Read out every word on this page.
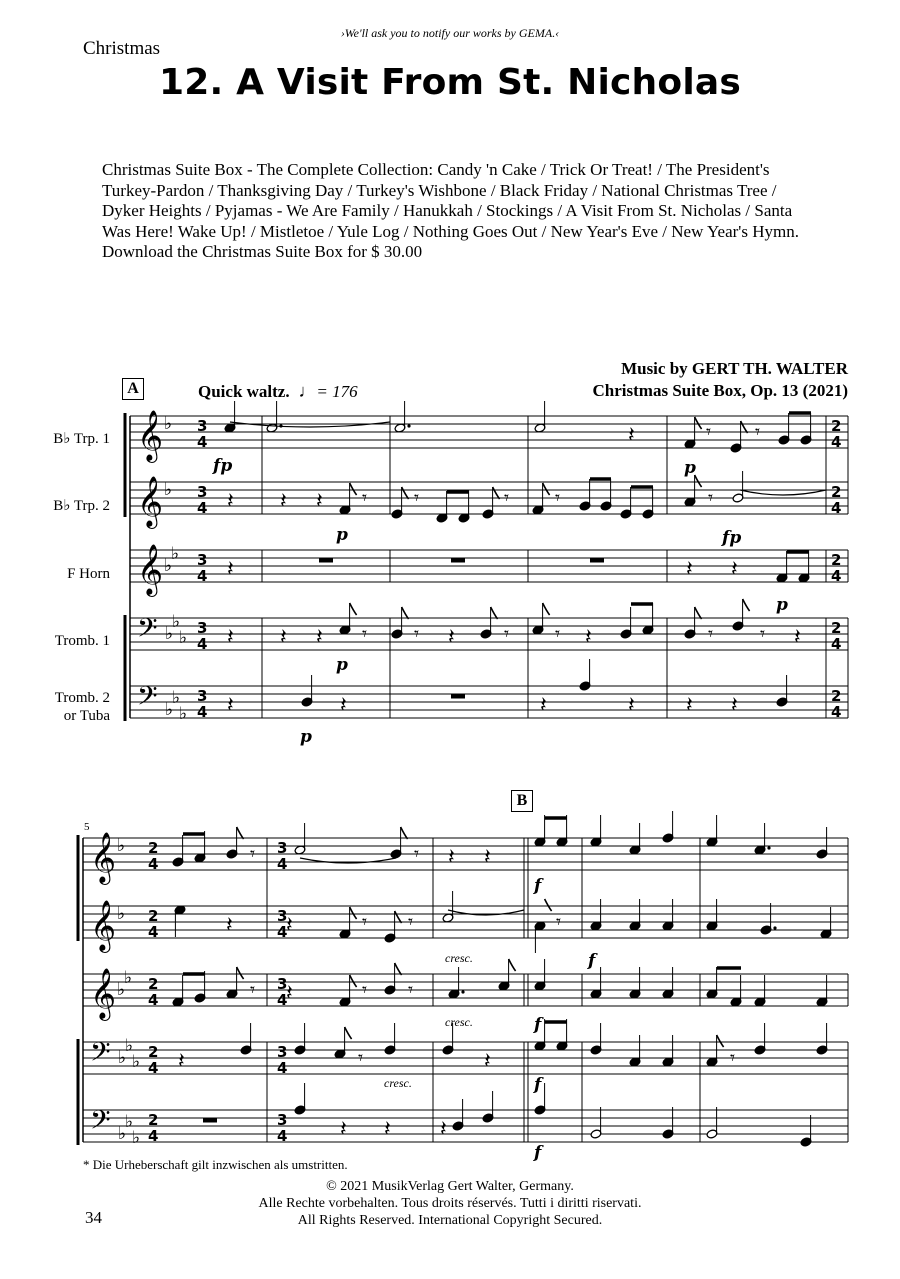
›We'll ask you to notify our works by GEMA.‹
Christmas
12. A Visit From St. Nicholas
Christmas Suite Box - The Complete Collection: Candy 'n Cake / Trick Or Treat! / The President's Turkey-Pardon / Thanksgiving Day / Turkey's Wishbone / Black Friday / National Christmas Tree / Dyker Heights / Pyjamas - We Are Family / Hanukkah / Stockings / A Visit From St. Nicholas / Santa Was Here! Wake Up! / Mistletoe / Yule Log / Nothing Goes Out / New Year's Eve / New Year's Hymn. Download the Christmas Suite Box for $ 30.00
Music by GERT TH. WALTER
Christmas Suite Box, Op. 13 (2021)
A
B
Quick waltz.  ♩= 176
B♭ Trp. 1
B♭ Trp. 2
F Horn
Tromb. 1
Tromb. 2
or Tuba
𝄞 ♭ 3
4
2
4
𝄞 ♭ 3
4
2
4
𝄞 ♭
♭ 3
4
2
4
𝄢 ♭
♭
♭ 3
4
2
4
𝄢 ♭
♭
♭
3
4
2
4
fp
𝄽	𝄾 𝄾
p
𝄽 𝄽 𝄽 𝄾
p
𝄾	𝄾 𝄾	𝄾
fp
𝄽	𝄽 𝄽
p
𝄽 𝄽 𝄽 𝄾
p
𝄾 𝄽	𝄾 𝄾 𝄽	𝄾 𝄾 𝄽
𝄽	𝄽
p
𝄽	𝄽 𝄽 𝄽
𝄞 ♭ 2
4
3
4
𝄞 ♭ 2
4
3
4
𝄞 ♭
♭ 2
4
3
4
𝄢 ♭
♭
♭ 2
4
3
4
𝄢 ♭
♭
♭
2
4
3
4
𝄾	𝄾 𝄽 𝄽
f
𝄽 𝄽	𝄾 𝄾
cresc.
𝄾
f
𝄾 𝄽	𝄾 𝄾
cresc.	f
𝄽	𝄾	𝄽
cresc.	f
𝄾
𝄽 𝄽 𝄽
f
5
* Die Urheberschaft gilt inzwischen als umstritten.
© 2021 MusikVerlag Gert Walter, Germany.
Alle Rechte vorbehalten. Tous droits réservés. Tutti i diritti riservati.
All Rights Reserved. International Copyright Secured.
34
